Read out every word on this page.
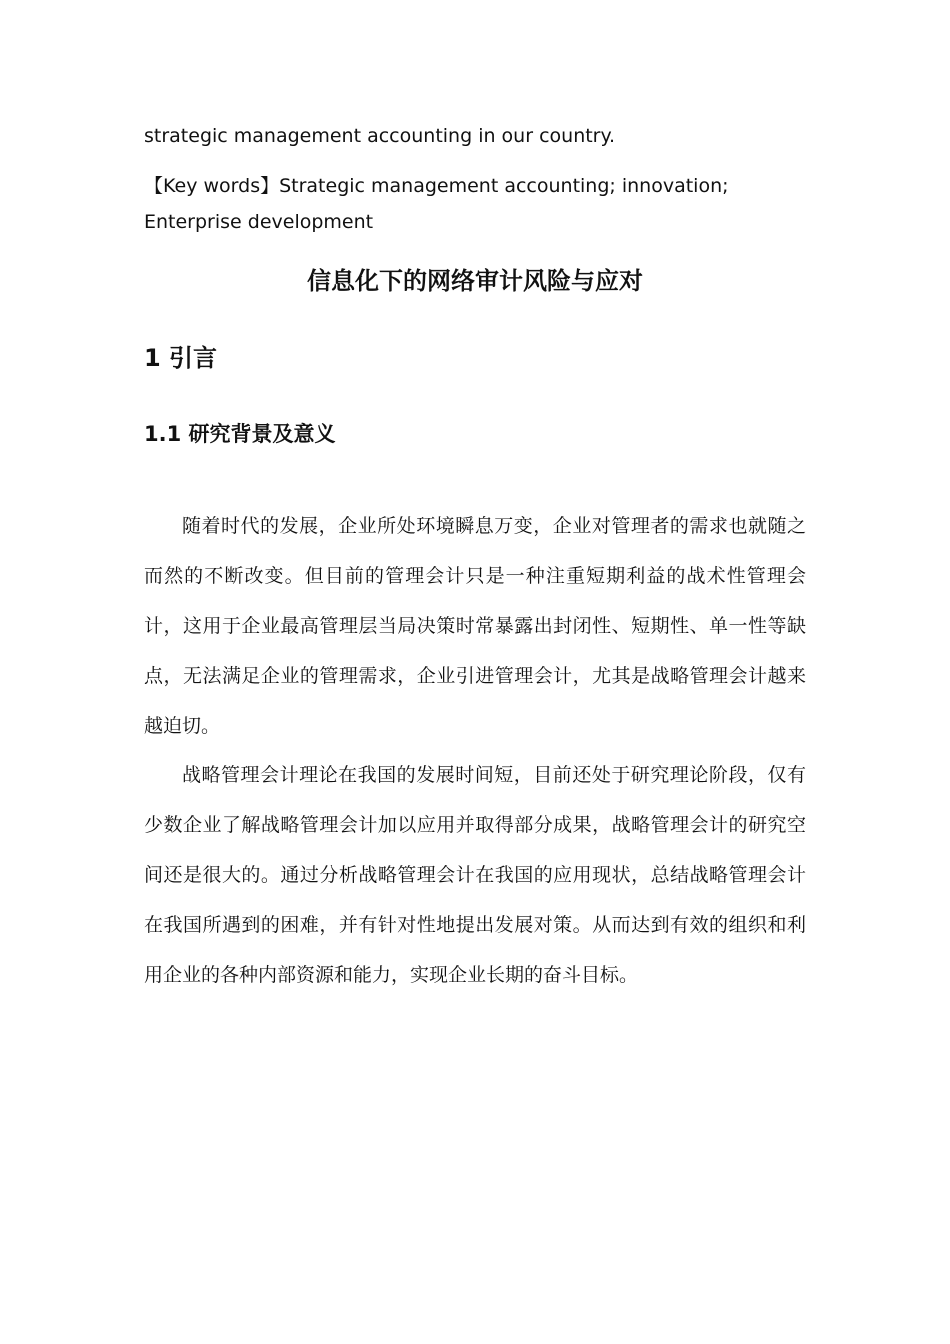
strategic management accounting in our country.
【Key words】Strategic management accounting; innovation;
Enterprise development
信息化下的网络审计风险与应对
1 引言
1.1 研究背景及意义

随着时代的发展，企业所处环境瞬息万变，企业对管理者的需求也就随之而然的不断改变。但目前的管理会计只是一种注重短期利益的战术性管理会计，这用于企业最高管理层当局决策时常暴露出封闭性、短期性、单一性等缺点，无法满足企业的管理需求，企业引进管理会计，尤其是战略管理会计越来越迫切。

战略管理会计理论在我国的发展时间短，目前还处于研究理论阶段，仅有少数企业了解战略管理会计加以应用并取得部分成果，战略管理会计的研究空间还是很大的。通过分析战略管理会计在我国的应用现状，总结战略管理会计在我国所遇到的困难，并有针对性地提出发展对策。从而达到有效的组织和利用企业的各种内部资源和能力，实现企业长期的奋斗目标。
